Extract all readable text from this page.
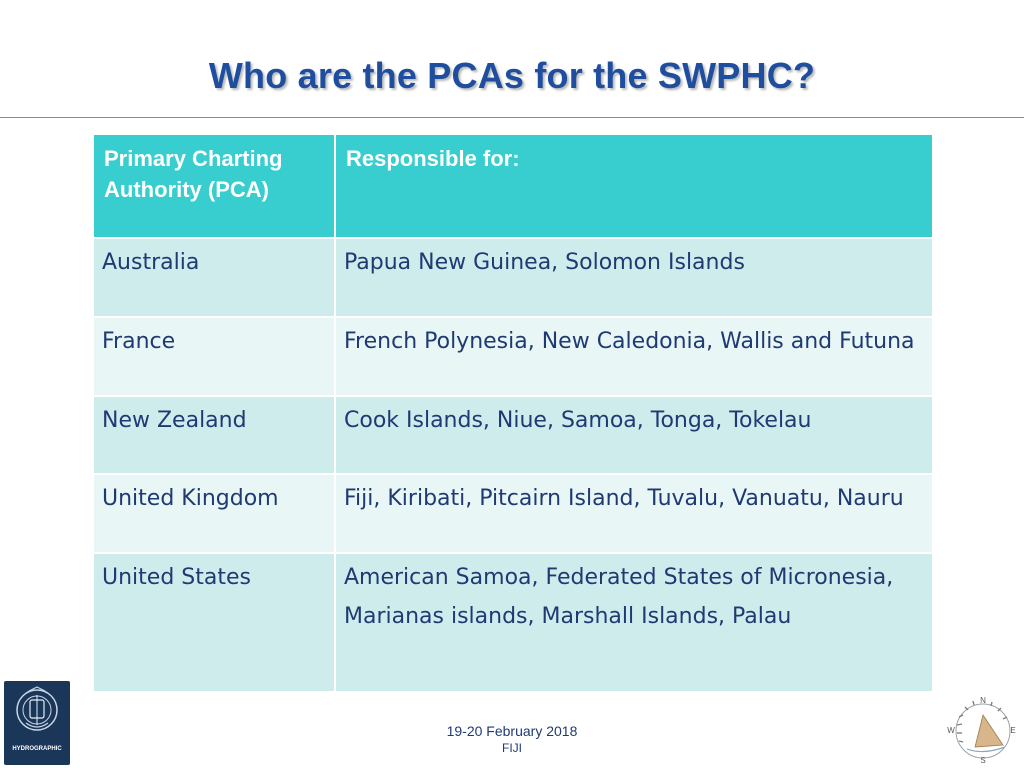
Who are the PCAs for the SWPHC?
Primary Charting Authority (PCA)	Responsible for:
Australia	Papua New Guinea, Solomon Islands
France	French Polynesia, New Caledonia, Wallis and Futuna
New Zealand	Cook Islands, Niue, Samoa, Tonga, Tokelau
United Kingdom	Fiji, Kiribati, Pitcairn Island, Tuvalu, Vanuatu, Nauru
United States	American Samoa, Federated States of Micronesia, Marianas islands, Marshall Islands, Palau
HYDROGRAPHIC
N
E
S
W
19-20 February 2018
FIJI
